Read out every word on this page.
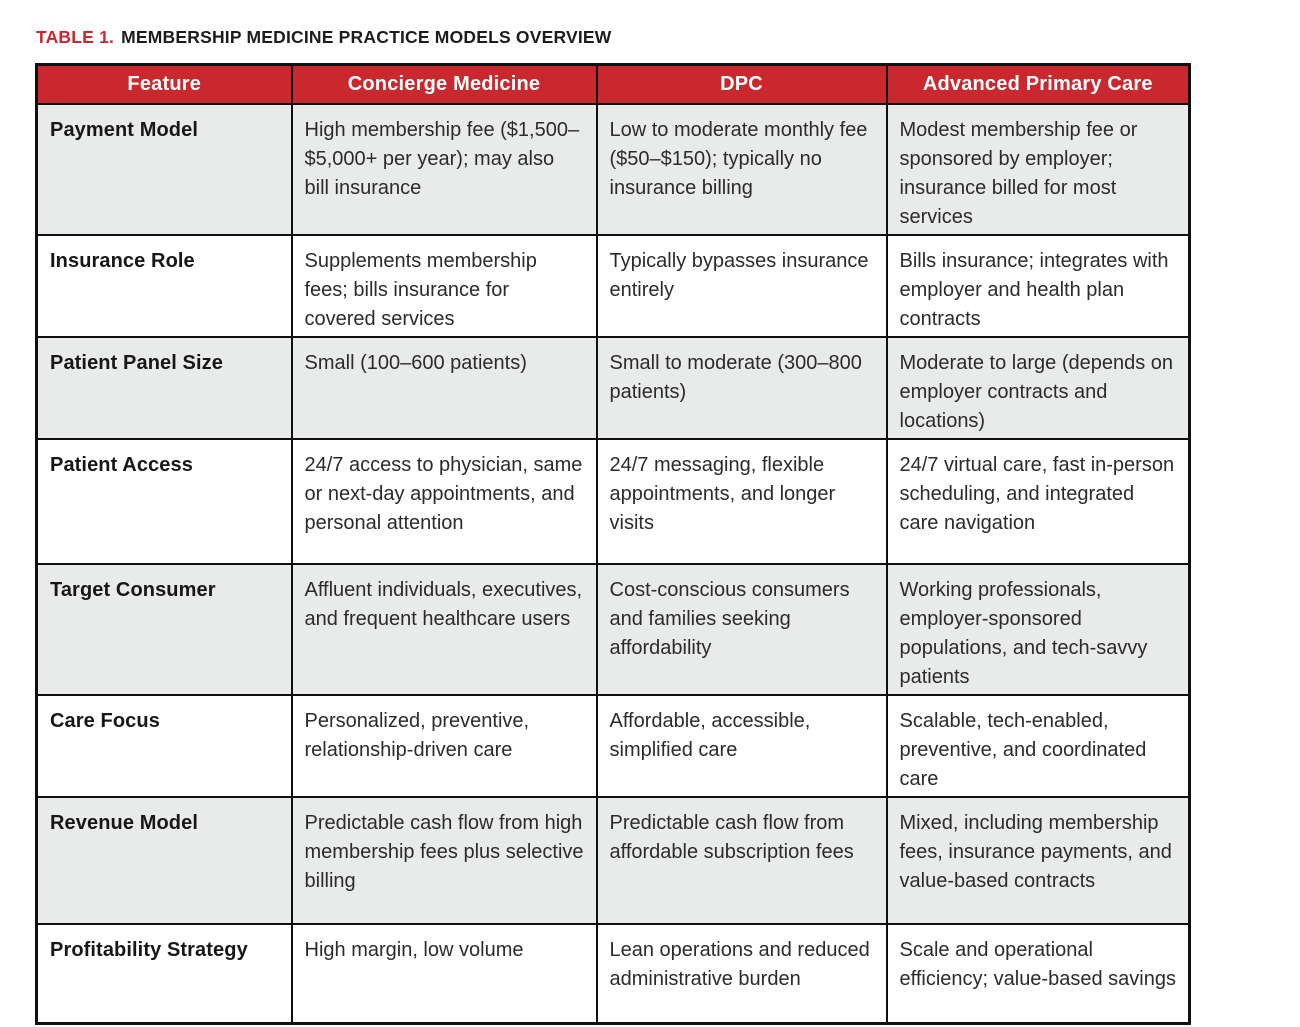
TABLE 1. MEMBERSHIP MEDICINE PRACTICE MODELS OVERVIEW
Feature	Concierge Medicine	DPC	Advanced Primary Care
Payment Model	High membership fee ($1,500–$5,000+ per year); may also bill insurance	Low to moderate monthly fee ($50–$150); typically no insurance billing	Modest membership fee or sponsored by employer; insurance billed for most services
Insurance Role	Supplements membership fees; bills insurance for covered services	Typically bypasses insurance entirely	Bills insurance; integrates with employer and health plan contracts
Patient Panel Size	Small (100–600 patients)	Small to moderate (300–800 patients)	Moderate to large (depends on employer contracts and locations)
Patient Access	24/7 access to physician, same or next-day appointments, and personal attention	24/7 messaging, flexible appointments, and longer visits	24/7 virtual care, fast in-person scheduling, and integrated care navigation
Target Consumer	Affluent individuals, executives, and frequent healthcare users	Cost-conscious consumers and families seeking affordability	Working professionals, employer-sponsored populations, and tech-savvy patients
Care Focus	Personalized, preventive, relationship-driven care	Affordable, accessible, simplified care	Scalable, tech-enabled, preventive, and coordinated care
Revenue Model	Predictable cash flow from high membership fees plus selective billing	Predictable cash flow from affordable subscription fees	Mixed, including membership fees, insurance payments, and value-based contracts
Profitability Strategy	High margin, low volume	Lean operations and reduced administrative burden	Scale and operational efficiency; value-based savings
